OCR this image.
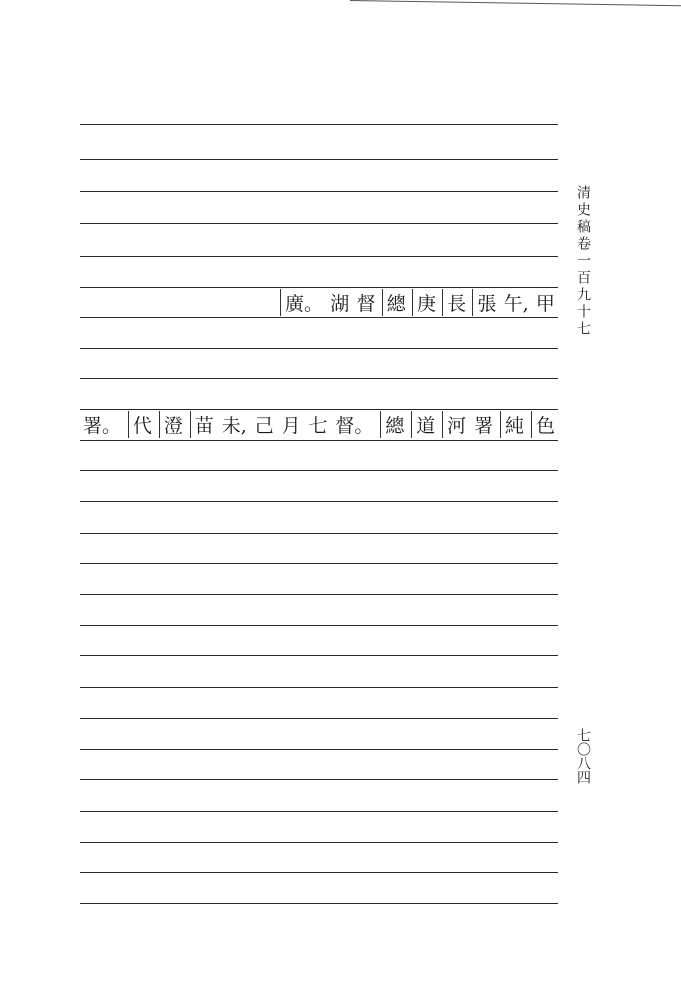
甲
午,
張
長
庚
總
督
湖
廣。
色
純
署
河
道
總
督。
七
月
己
未,
苗
澄
代
署。
清史稿卷一百九十七
七〇八四
